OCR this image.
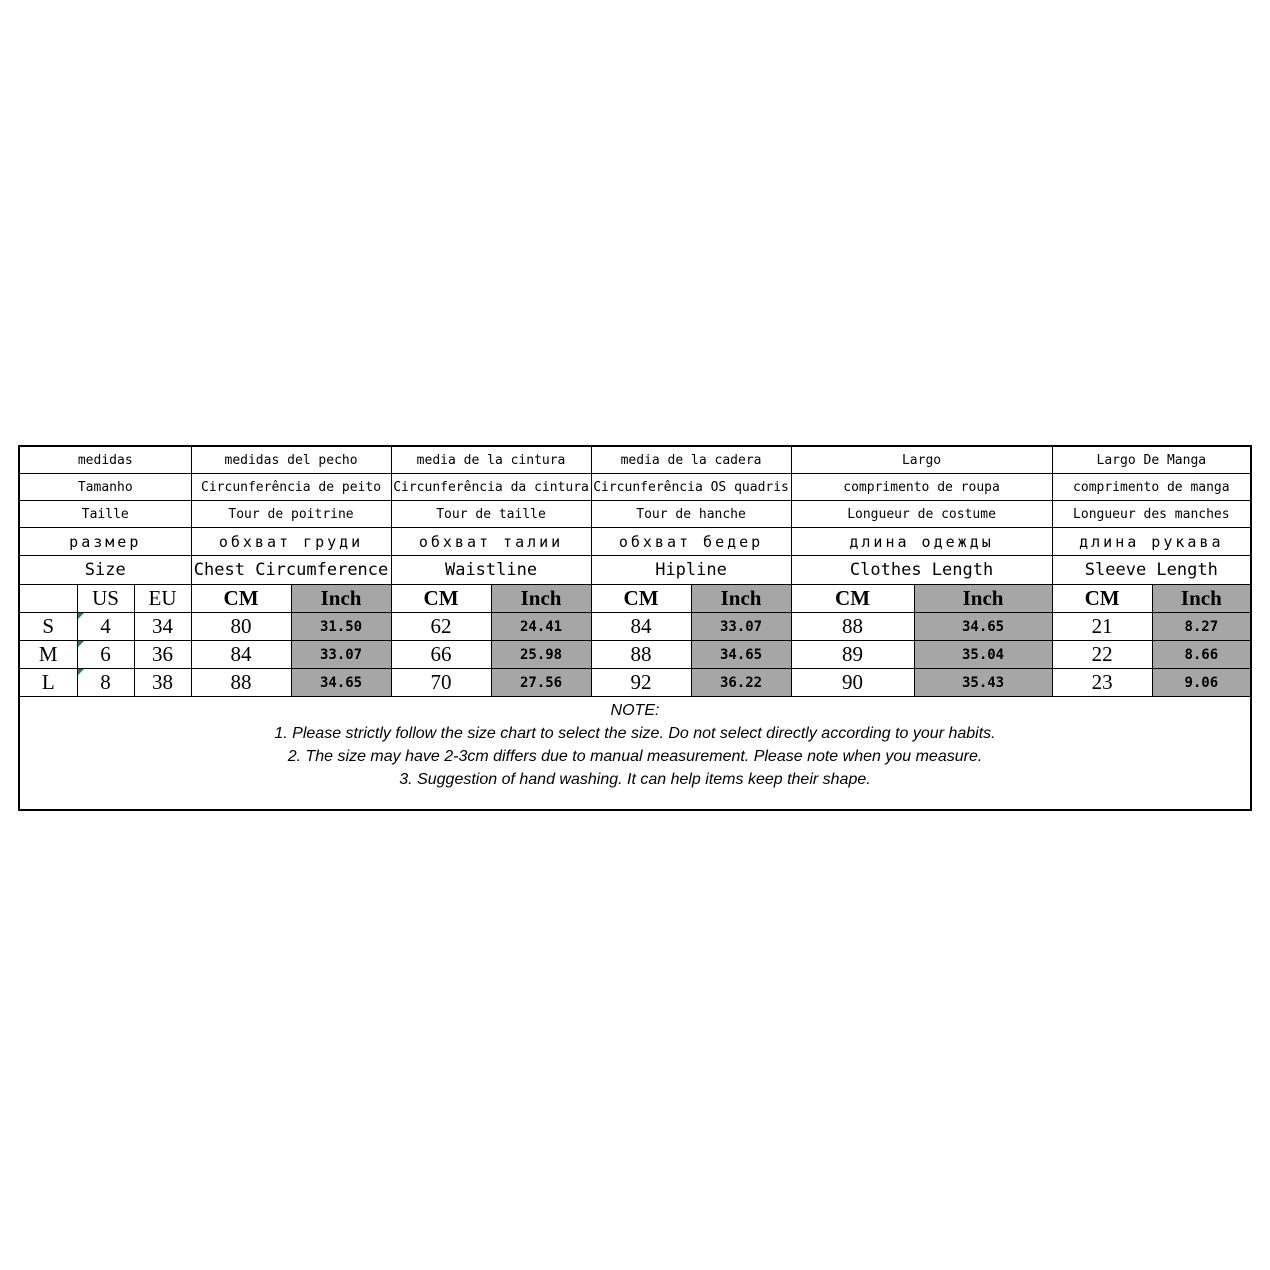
medidas			medidas del pecho		media de la cintura		media de la cadera		Largo		Largo De Manga	
Tamanho			Circunferência de peito		Circunferência da cintura		Circunferência OS quadris		comprimento de roupa		comprimento de manga	
Taille			Tour de poitrine		Tour de taille		Tour de hanche		Longueur de costume		Longueur des manches	
размер			обхват груди		обхват талии		обхват бедер		длина одежды		длина рукава	
Size			Chest Circumference		Waistline		Hipline		Clothes Length		Sleeve Length	
	US	EU	CM	Inch	CM	Inch	CM	Inch	CM	Inch	CM	Inch
S	4	34	80	31.50	62	24.41	84	33.07	88	34.65	21	8.27
M	6	36	84	33.07	66	25.98	88	34.65	89	35.04	22	8.66
L	8	38	88	34.65	70	27.56	92	36.22	90	35.43	23	9.06
NOTE:
1. Please strictly follow the size chart to select the size. Do not select directly according to your habits.
2. The size may have 2-3cm differs due to manual measurement. Please note when you measure.
3. Suggestion of hand washing. It can help items keep their shape.
